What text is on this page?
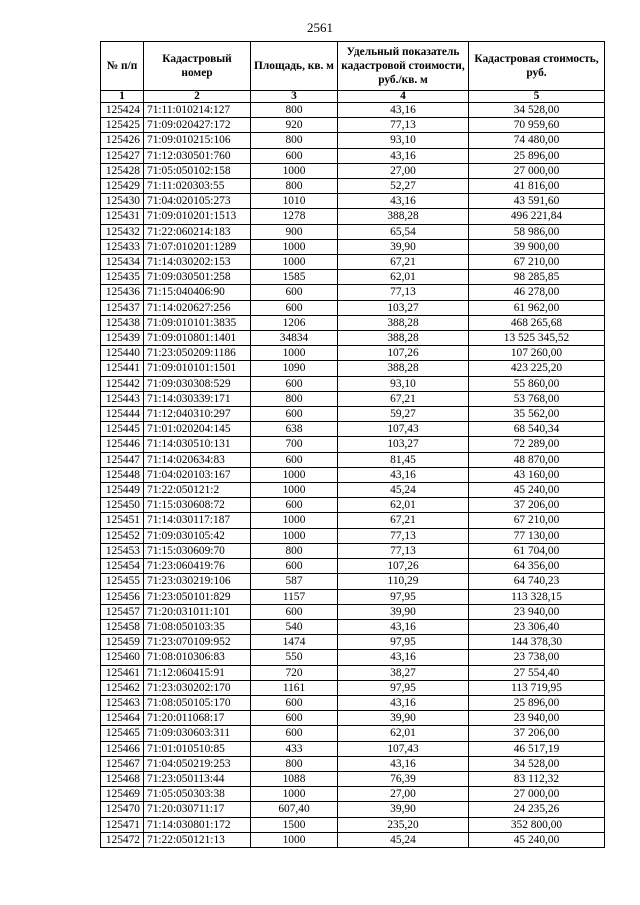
2561
№ п/п	Кадастровый номер	Площадь, кв. м	Удельный показатель кадастровой стоимости, руб./кв. м	Кадастровая стоимость, руб.
1	2	3	4	5
125424	71:11:010214:127	800	43,16	34 528,00
125425	71:09:020427:172	920	77,13	70 959,60
125426	71:09:010215:106	800	93,10	74 480,00
125427	71:12:030501:760	600	43,16	25 896,00
125428	71:05:050102:158	1000	27,00	27 000,00
125429	71:11:020303:55	800	52,27	41 816,00
125430	71:04:020105:273	1010	43,16	43 591,60
125431	71:09:010201:1513	1278	388,28	496 221,84
125432	71:22:060214:183	900	65,54	58 986,00
125433	71:07:010201:1289	1000	39,90	39 900,00
125434	71:14:030202:153	1000	67,21	67 210,00
125435	71:09:030501:258	1585	62,01	98 285,85
125436	71:15:040406:90	600	77,13	46 278,00
125437	71:14:020627:256	600	103,27	61 962,00
125438	71:09:010101:3835	1206	388,28	468 265,68
125439	71:09:010801:1401	34834	388,28	13 525 345,52
125440	71:23:050209:1186	1000	107,26	107 260,00
125441	71:09:010101:1501	1090	388,28	423 225,20
125442	71:09:030308:529	600	93,10	55 860,00
125443	71:14:030339:171	800	67,21	53 768,00
125444	71:12:040310:297	600	59,27	35 562,00
125445	71:01:020204:145	638	107,43	68 540,34
125446	71:14:030510:131	700	103,27	72 289,00
125447	71:14:020634:83	600	81,45	48 870,00
125448	71:04:020103:167	1000	43,16	43 160,00
125449	71:22:050121:2	1000	45,24	45 240,00
125450	71:15:030608:72	600	62,01	37 206,00
125451	71:14:030117:187	1000	67,21	67 210,00
125452	71:09:030105:42	1000	77,13	77 130,00
125453	71:15:030609:70	800	77,13	61 704,00
125454	71:23:060419:76	600	107,26	64 356,00
125455	71:23:030219:106	587	110,29	64 740,23
125456	71:23:050101:829	1157	97,95	113 328,15
125457	71:20:031011:101	600	39,90	23 940,00
125458	71:08:050103:35	540	43,16	23 306,40
125459	71:23:070109:952	1474	97,95	144 378,30
125460	71:08:010306:83	550	43,16	23 738,00
125461	71:12:060415:91	720	38,27	27 554,40
125462	71:23:030202:170	1161	97,95	113 719,95
125463	71:08:050105:170	600	43,16	25 896,00
125464	71:20:011068:17	600	39,90	23 940,00
125465	71:09:030603:311	600	62,01	37 206,00
125466	71:01:010510:85	433	107,43	46 517,19
125467	71:04:050219:253	800	43,16	34 528,00
125468	71:23:050113:44	1088	76,39	83 112,32
125469	71:05:050303:38	1000	27,00	27 000,00
125470	71:20:030711:17	607,40	39,90	24 235,26
125471	71:14:030801:172	1500	235,20	352 800,00
125472	71:22:050121:13	1000	45,24	45 240,00
